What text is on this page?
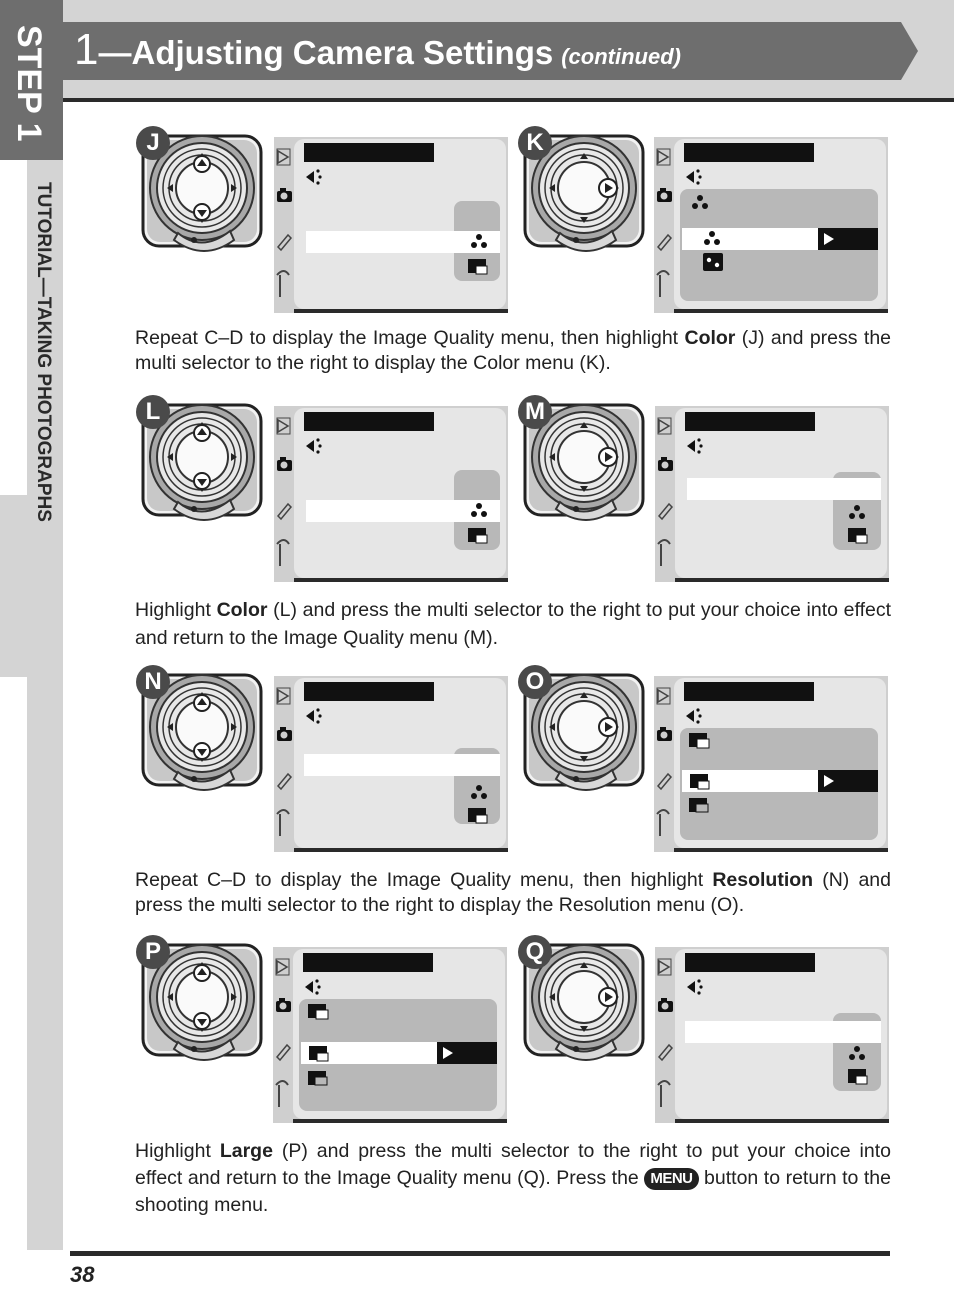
STEP 1
TUTORIAL—TAKING PHOTOGRAPHS
1—Adjusting Camera Settings (continued)
Repeat C–D to display the Image Quality menu, then highlight Color (J) and press the multi selector to the right to display the Color menu (K).
Highlight Color (L) and press the multi selector to the right to put your choice into effect and return to the Image Quality menu (M).
Repeat C–D to display the Image Quality menu, then highlight Resolution (N) and press the multi selector to the right to display the Resolution menu (O).
Highlight Large (P) and press the multi selector to the right to put your choice into effect and return to the Image Quality menu (Q). Press the MENU button to return to the shooting menu.
38
J	K
L	M
N	O
P	Q
